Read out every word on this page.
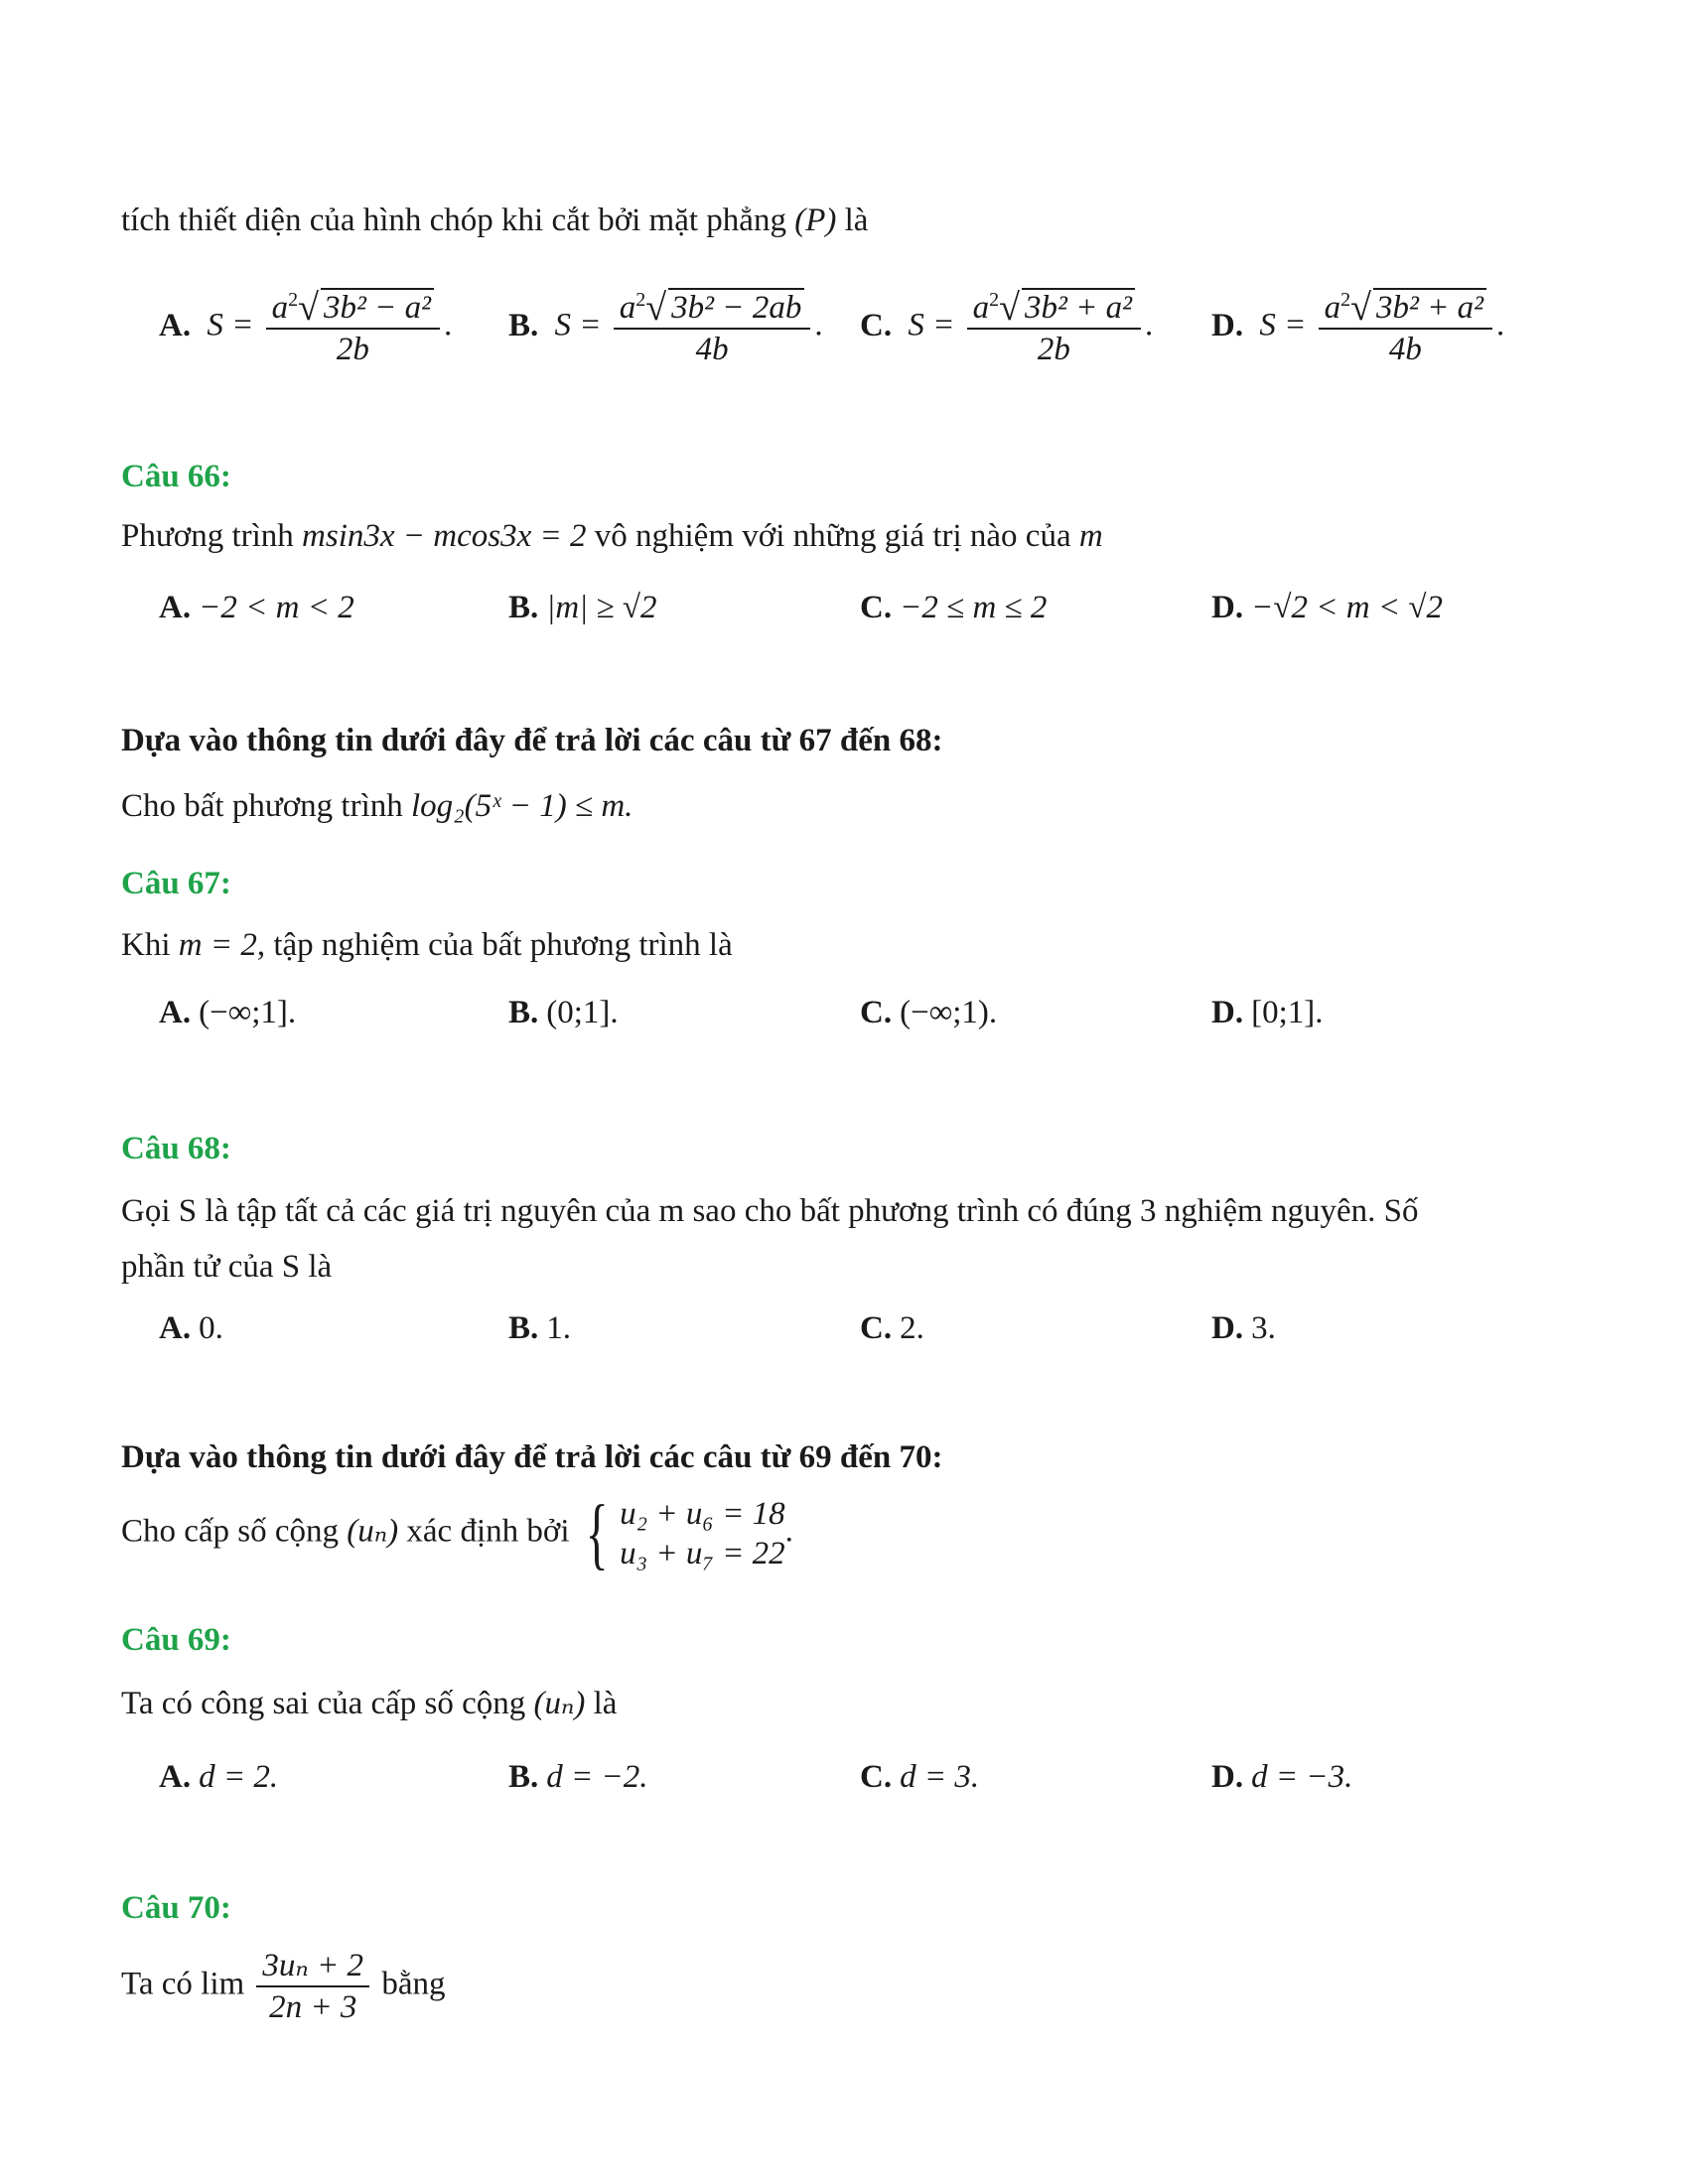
tích thiết diện của hình chóp khi cắt bởi mặt phẳng (P) là
A. $S = \frac{a^2√ 3b^2 - a^2}{2b}$ . B. $S = \frac{a^2√ 3b^2 - 2ab}{4b}$ . C. $S = \frac{a^2√ 3b^2 + a^2}{2b}$ . D. $S = \frac{a^2√ 3b^2 + a^2}{4b}$ .
Câu 66:
Phương trình msin3x − mcos3x = 2 vô nghiệm với những giá trị nào của m
A. −2 < m < 2	B. |m| ≥ √2	C. −2 ≤ m ≤ 2	D. −√2 < m < √2
Dựa vào thông tin dưới đây để trả lời các câu từ 67 đến 68:
Cho bất phương trình log₂(5ˣ − 1) ≤ m.
Câu 67:
Khi m = 2, tập nghiệm của bất phương trình là
A. (−∞;1].	B. (0;1].	C. (−∞;1).	D. [0;1].
Câu 68:
Gọi S là tập tất cả các giá trị nguyên của m sao cho bất phương trình có đúng 3 nghiệm nguyên. Số
phần tử của S là
A. 0.	B. 1.	C. 2.	D. 3.
Dựa vào thông tin dưới đây để trả lời các câu từ 69 đến 70:
Cho cấp số cộng (uₙ) xác định bởi { u₂ + u₆ = 18
u₃ + u₇ = 22
.
Câu 69:
Ta có công sai của cấp số cộng (uₙ) là
A. d = 2.	B. d = −2.	C. d = 3.	D. d = −3.
Câu 70:
Ta có $\lim \frac{\text{3uₙ + 2}}{2n + 3}$ bằng
